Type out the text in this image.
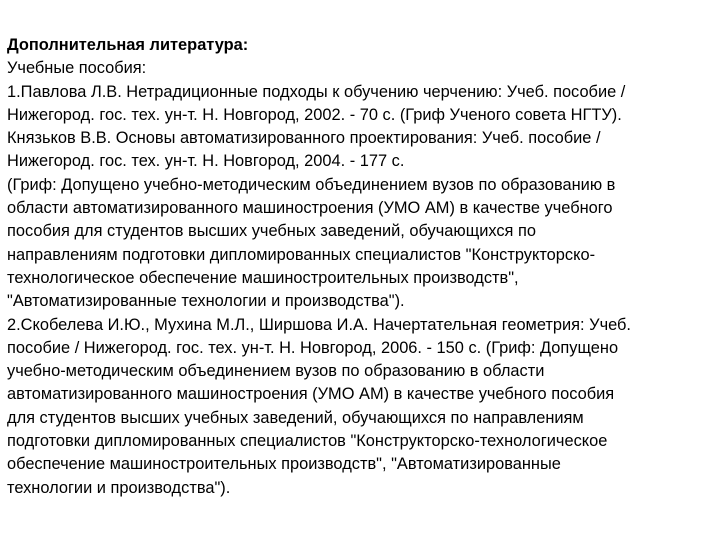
Дополнительная литература:
Учебные пособия:
1.Павлова Л.В. Нетрадиционные подходы к обучению черчению: Учеб. пособие /
Нижегород. гос. тех. ун-т. Н. Новгород, 2002. - 70 с. (Гриф Ученого совета НГТУ).
Князьков В.В. Основы автоматизированного проектирования: Учеб. пособие /
Нижегород. гос. тех. ун-т. Н. Новгород, 2004. - 177 с.
(Гриф: Допущено учебно-методическим объединением вузов по образованию в
области автоматизированного машиностроения (УМО АМ) в качестве учебного
пособия для студентов высших учебных заведений, обучающихся по
направлениям подготовки дипломированных специалистов "Конструкторско-
технологическое обеспечение машиностроительных производств",
"Автоматизированные технологии и производства").
2.Скобелева И.Ю., Мухина М.Л., Ширшова И.А. Начертательная геометрия: Учеб.
пособие / Нижегород. гос. тех. ун-т. Н. Новгород, 2006. - 150 с. (Гриф: Допущено
учебно-методическим объединением вузов по образованию в области
автоматизированного машиностроения (УМО АМ) в качестве учебного пособия
для студентов высших учебных заведений, обучающихся по направлениям
подготовки дипломированных специалистов "Конструкторско-технологическое
обеспечение машиностроительных производств", "Автоматизированные
технологии и производства").
